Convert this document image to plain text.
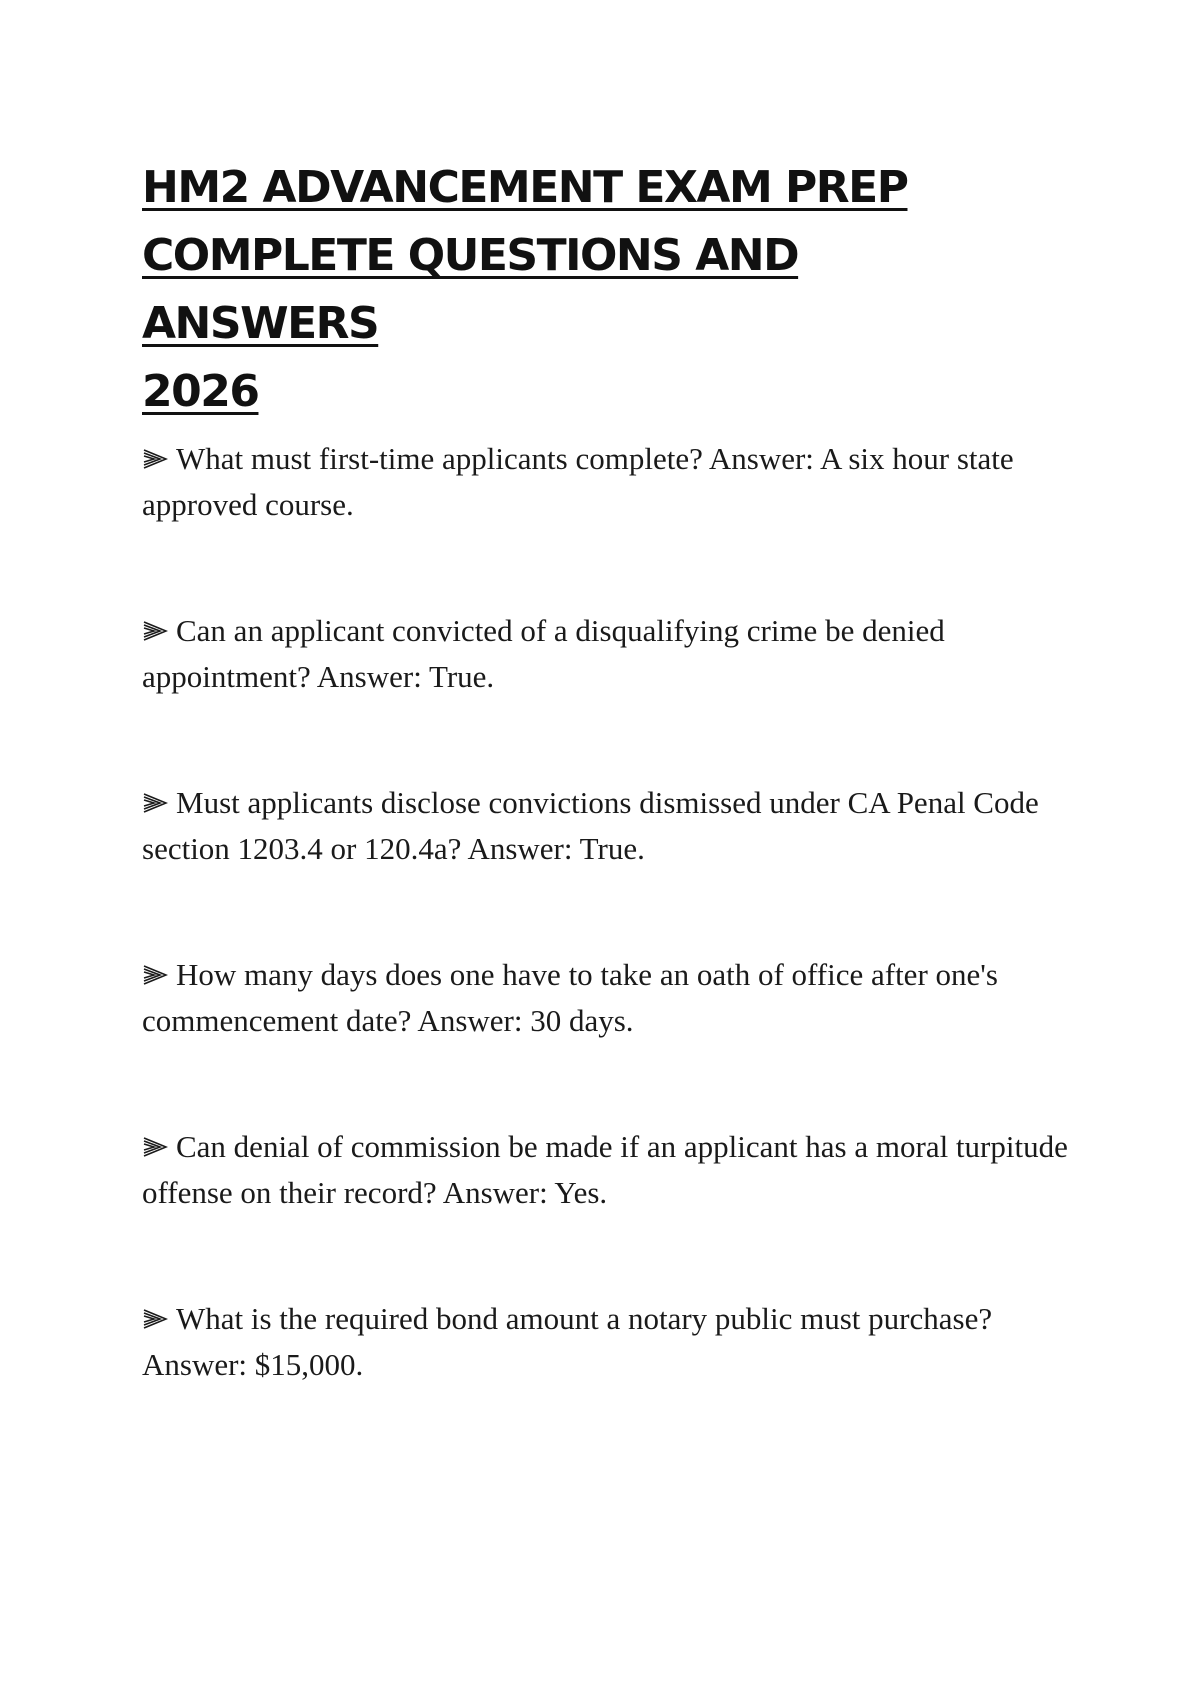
HM2 ADVANCEMENT EXAM PREP
COMPLETE QUESTIONS AND ANSWERS
2026
What must first-time applicants complete? Answer: A six hour state approved course.
Can an applicant convicted of a disqualifying crime be denied appointment? Answer: True.
Must applicants disclose convictions dismissed under CA Penal Code section 1203.4 or 120.4a? Answer: True.
How many days does one have to take an oath of office after one's commencement date? Answer: 30 days.
Can denial of commission be made if an applicant has a moral turpitude offense on their record? Answer: Yes.
What is the required bond amount a notary public must purchase? Answer: $15,000.
